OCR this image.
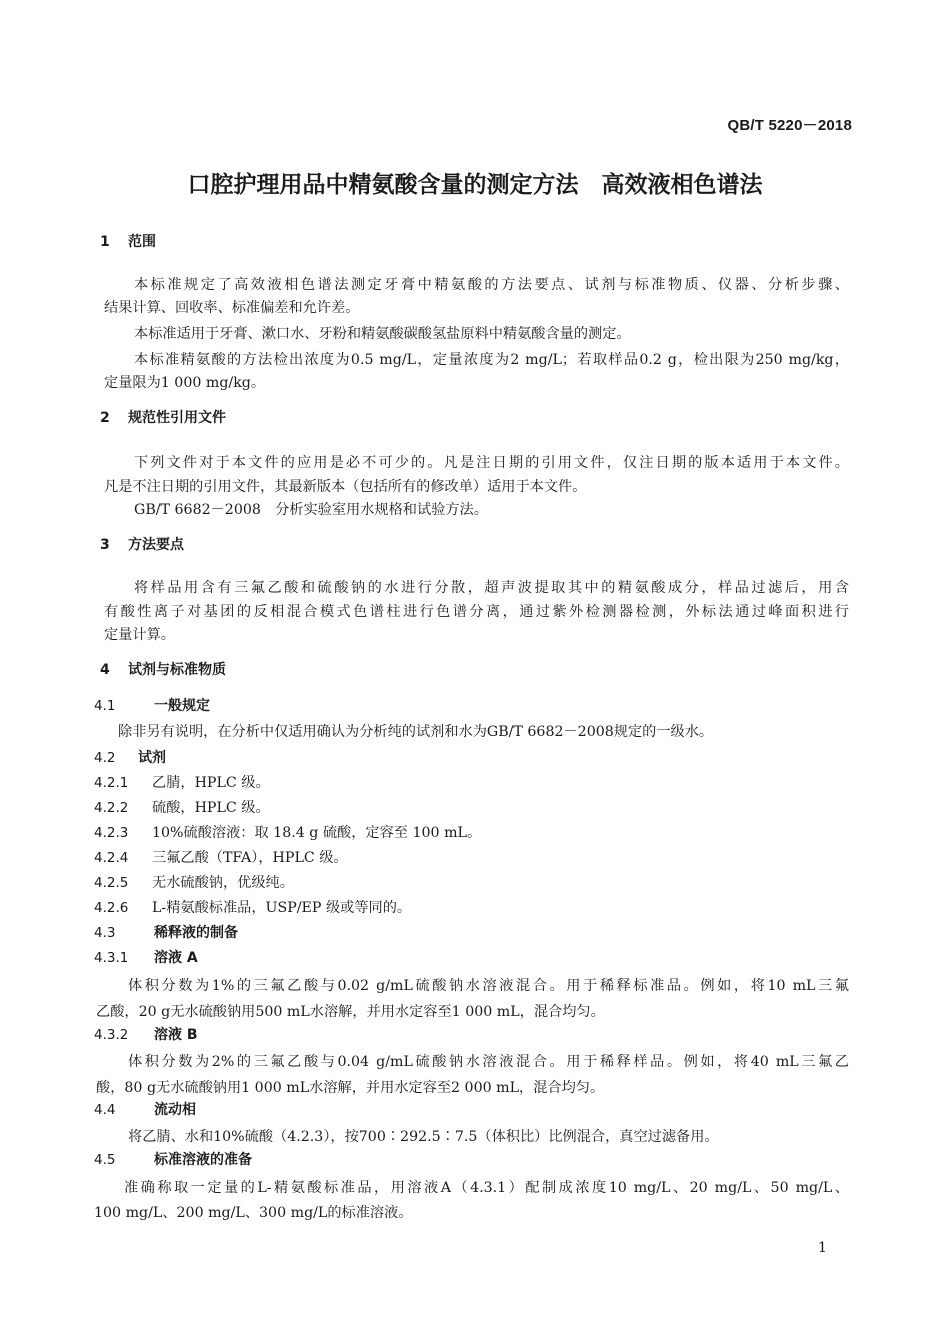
QB/T 5220－2018
口腔护理用品中精氨酸含量的测定方法　高效液相色谱法
1 范围
本标准规定了高效液相色谱法测定牙膏中精氨酸的方法要点、试剂与标准物质、仪器、分析步骤、
结果计算、回收率、标准偏差和允许差。
本标准适用于牙膏、漱口水、牙粉和精氨酸碳酸氢盐原料中精氨酸含量的测定。
本标准精氨酸的方法检出浓度为0.5 mg/L，定量浓度为2 mg/L；若取样品0.2 g，检出限为250 mg/kg，
定量限为1 000 mg/kg。
2 规范性引用文件
下列文件对于本文件的应用是必不可少的。凡是注日期的引用文件，仅注日期的版本适用于本文件。
凡是不注日期的引用文件，其最新版本（包括所有的修改单）适用于本文件。
GB/T 6682－2008　分析实验室用水规格和试验方法。
3 方法要点
将样品用含有三氟乙酸和硫酸钠的水进行分散，超声波提取其中的精氨酸成分，样品过滤后，用含
有酸性离子对基团的反相混合模式色谱柱进行色谱分离，通过紫外检测器检测，外标法通过峰面积进行
定量计算。
4 试剂与标准物质
4.1	一般规定
除非另有说明，在分析中仅适用确认为分析纯的试剂和水为GB/T 6682－2008规定的一级水。
4.2 试剂
4.2.1 乙腈，HPLC 级。
4.2.2 硫酸，HPLC 级。
4.2.3 10%硫酸溶液：取 18.4 g 硫酸，定容至 100 mL。
4.2.4 三氟乙酸（TFA），HPLC 级。
4.2.5 无水硫酸钠，优级纯。
4.2.6 L-精氨酸标准品，USP/EP 级或等同的。
4.3	稀释液的制备
4.3.1 溶液 A
体积分数为1%的三氟乙酸与0.02 g/mL硫酸钠水溶液混合。用于稀释标准品。例如，将10 mL三氟
乙酸，20 g无水硫酸钠用500 mL水溶解，并用水定容至1 000 mL，混合均匀。
4.3.2 溶液 B
体积分数为2%的三氟乙酸与0.04 g/mL硫酸钠水溶液混合。用于稀释样品。例如，将40 mL三氟乙
酸，80 g无水硫酸钠用1 000 mL水溶解，并用水定容至2 000 mL，混合均匀。
4.4	流动相
将乙腈、水和10%硫酸（4.2.3），按700∶292.5∶7.5（体积比）比例混合，真空过滤备用。
4.5	标准溶液的准备
准确称取一定量的L-精氨酸标准品，用溶液A（4.3.1）配制成浓度10 mg/L、20 mg/L、50 mg/L、
100 mg/L、200 mg/L、300 mg/L的标准溶液。
1
